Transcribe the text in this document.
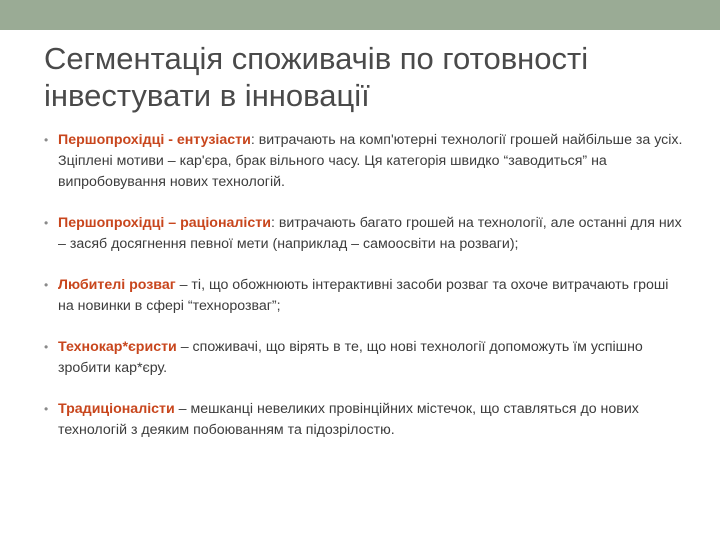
Сегментація споживачів по готовності інвестувати в інновації
• Першопрохідці - ентузіасти: витрачають на комп'ютерні технології грошей найбільше за усіх. Зціплені мотиви – кар'єра, брак вільного часу. Ця категорія швидко “заводиться” на випробовування нових технологій.
• Першопрохідці – раціоналісти: витрачають багато грошей на технології, але останні для них – засяб досягнення певної мети (наприклад – самоосвіти на розваги);
• Любителі розваг – ті, що обожнюють інтерактивні засоби розваг та охоче витрачають гроші на новинки в сфері “технорозваг”;
• Технокар*єристи – споживачі, що вірять в те, що нові технології допоможуть їм успішно зробити кар*єру.
• Традиціоналісти – мешканці невеликих провінційних містечок, що ставляться до нових технологій з деяким побоюванням та підозрілостю.
